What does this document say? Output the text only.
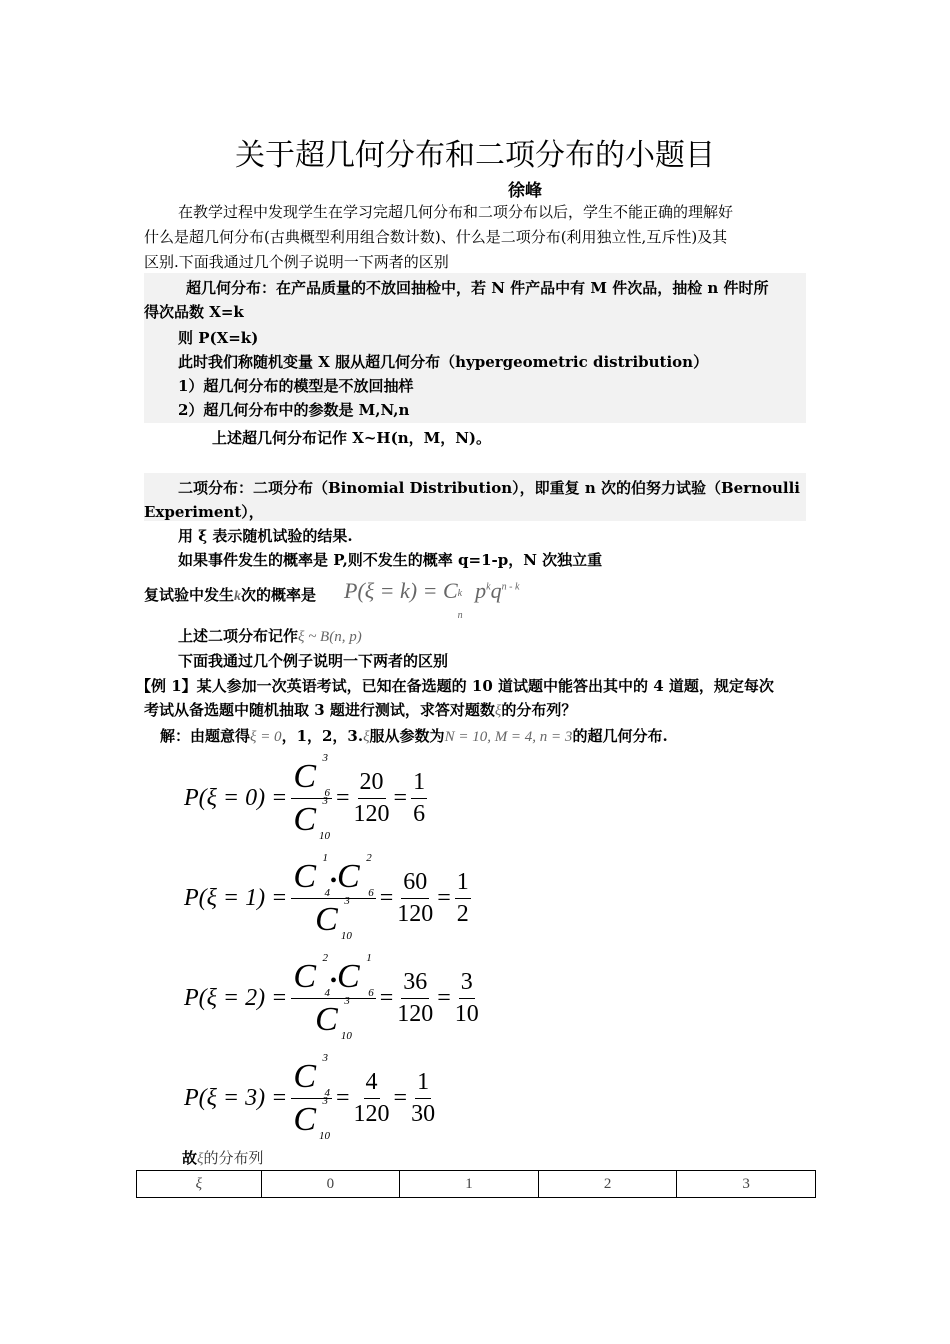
关于超几何分布和二项分布的小题目
徐峰
在教学过程中发现学生在学习完超几何分布和二项分布以后，学生不能正确的理解好
什么是超几何分布(古典概型利用组合数计数)、什么是二项分布(利用独立性,互斥性)及其
区别.下面我通过几个例子说明一下两者的区别
超几何分布：在产品质量的不放回抽检中，若 N 件产品中有 M 件次品，抽检 n 件时所
得次品数 X=k
则 P(X=k)
此时我们称随机变量 X 服从超几何分布（hypergeometric distribution）
1）超几何分布的模型是不放回抽样
2）超几何分布中的参数是 M,N,n
上述超几何分布记作 X~H(n，M，N)。
二项分布：二项分布（Binomial Distribution），即重复 n 次的伯努力试验（Bernoulli
Experiment），
用 ξ 表示随机试验的结果.
如果事件发生的概率是 P,则不发生的概率 q=1-p，N 次独立重
复试验中发生k次的概率是 P(ξ = k) = C k
n
$p^kq^{n - k}$
上述二项分布记作ξ ~ B(n, p)
下面我通过几个例子说明一下两者的区别
【例 1】某人参加一次英语考试，已知在备选题的 10 道试题中能答出其中的 4 道题，规定每次
考试从备选题中随机抽取 3 题进行测试，求答对题数ξ的分布列？
解：由题意得ξ = 0，1，2，3.ξ服从参数为N = 10, M = 4, n = 3的超几何分布.
P(ξ = 0) = C 3
6
C 3
$10 = \frac{20}{120} = \frac{1}{6}$
P(ξ = 1) = C 1
4
•C 2
6
C 3
$10 = \frac{60}{120} = \frac{1}{2}$
P(ξ = 2) = C 2
4
•C 1
6
C 3
$10 = \frac{36}{120} = \frac{3}{10}$
P(ξ = 3) = C 3
4
C 3
$10 = \frac{4}{120} = \frac{1}{30}$
故ξ的分布列
ξ	0	1	2	3
